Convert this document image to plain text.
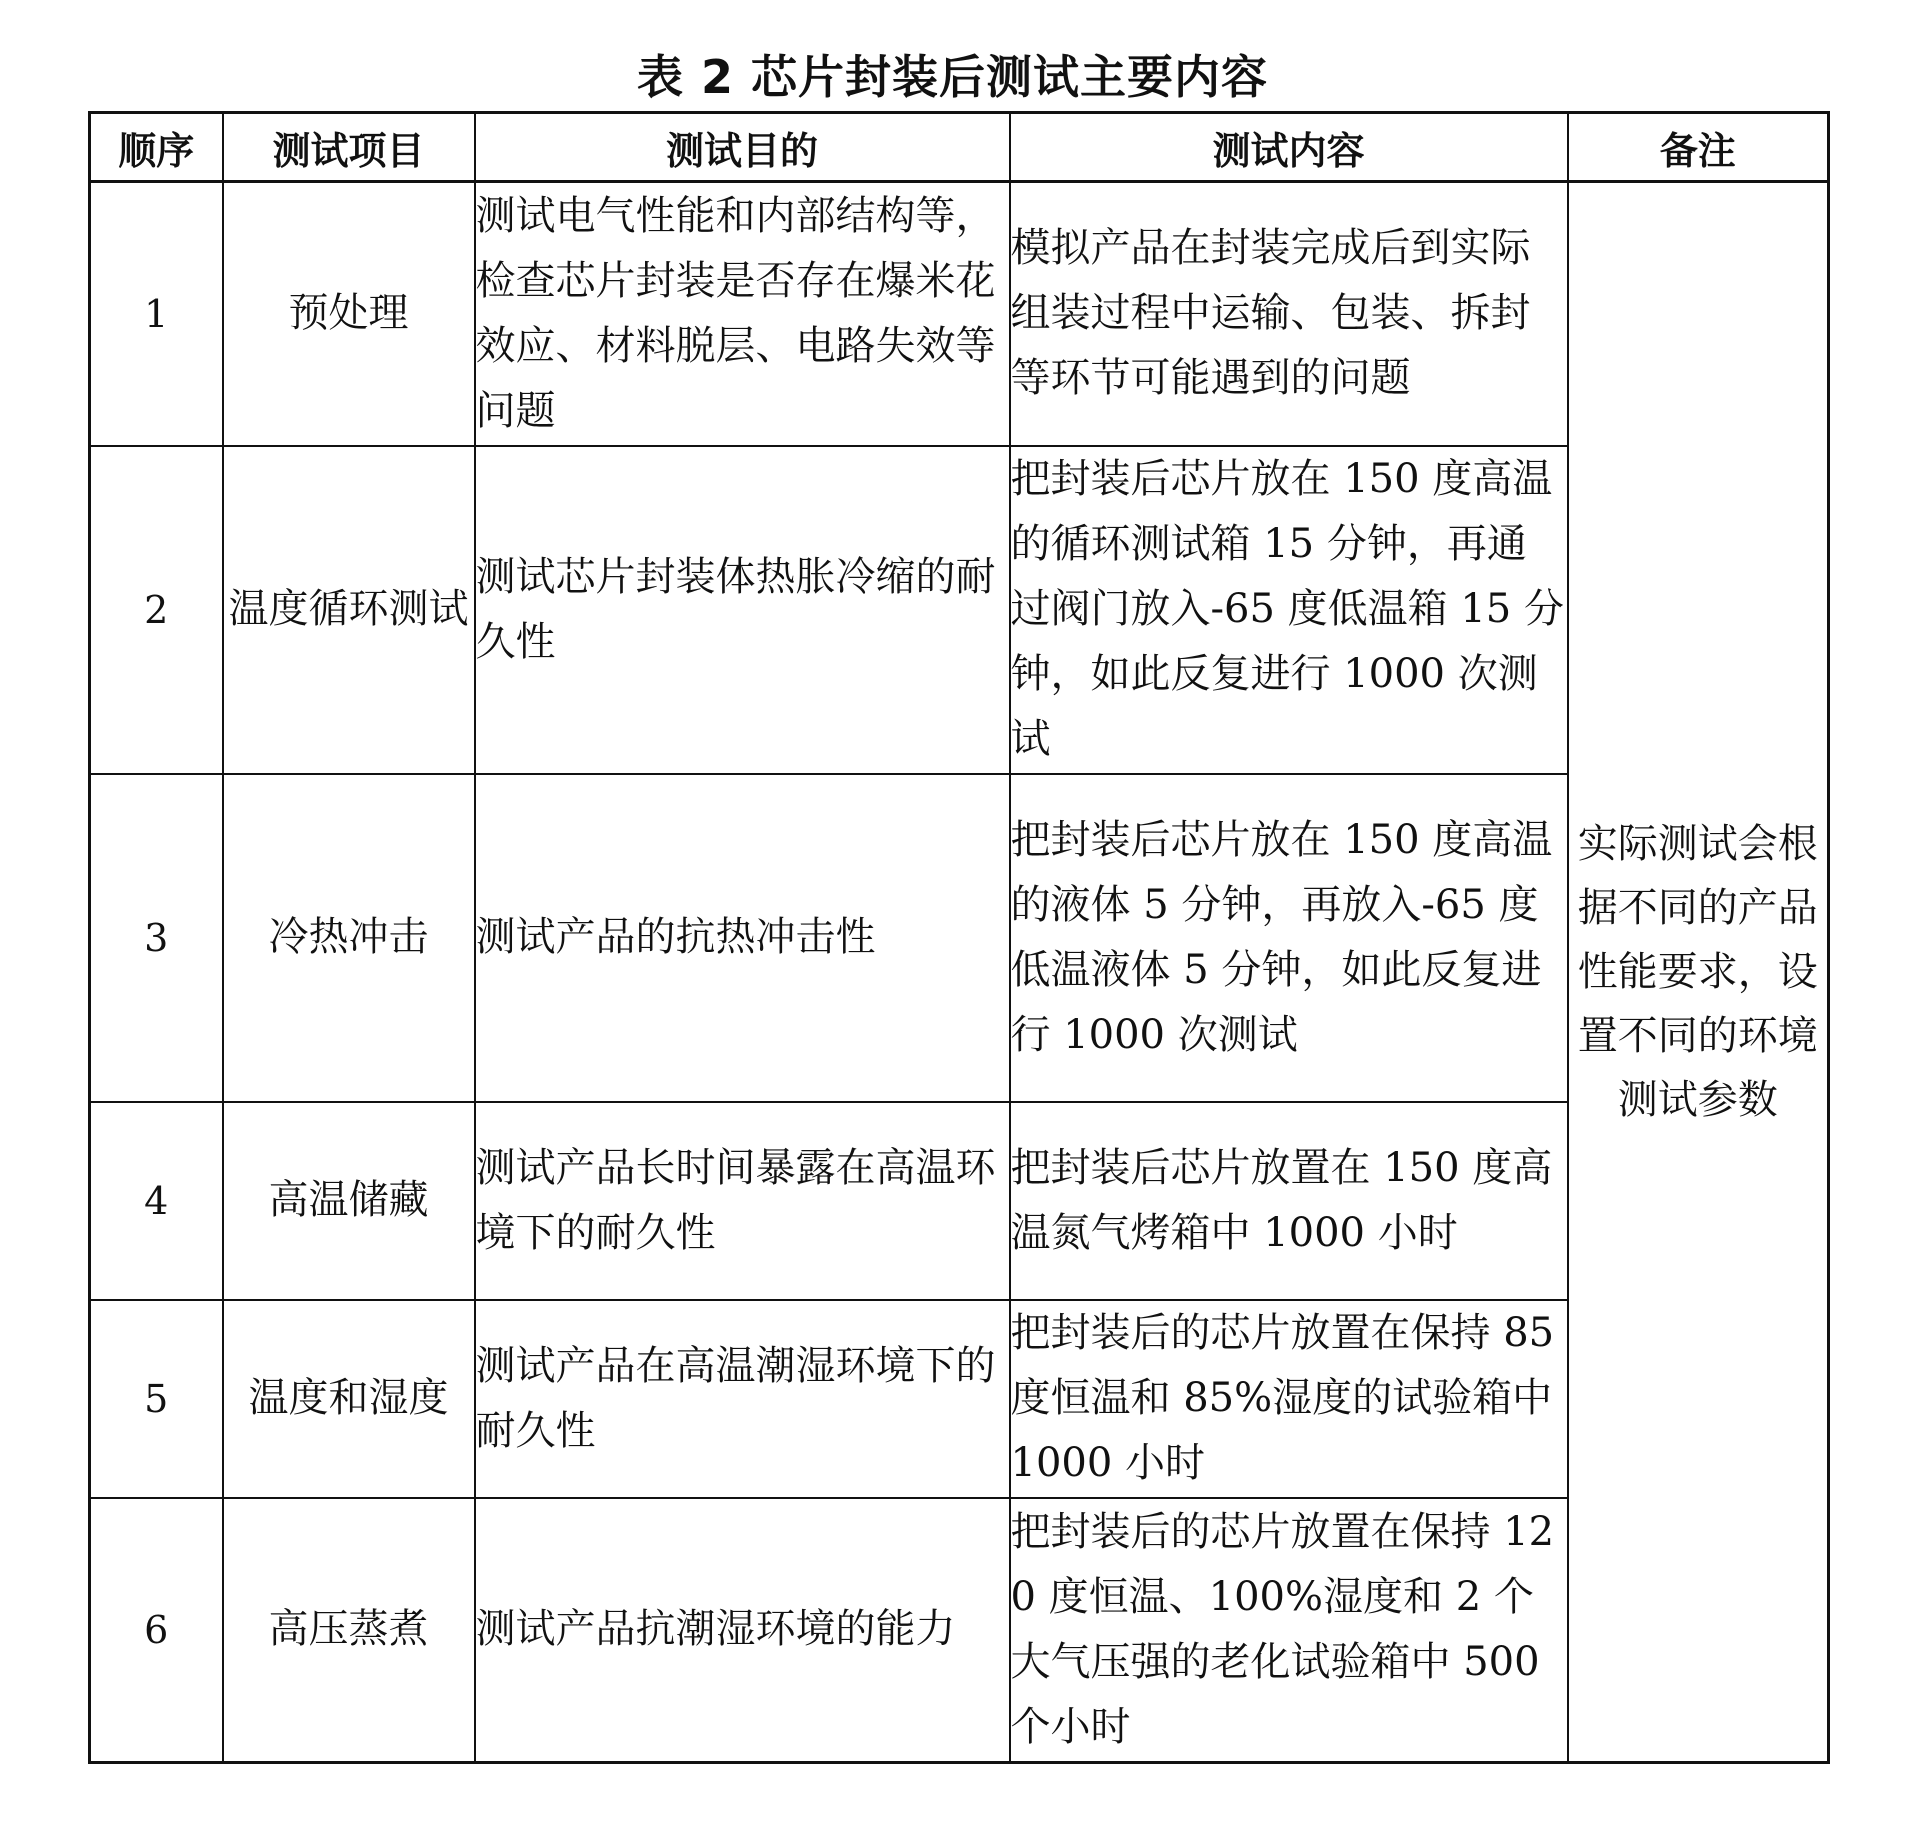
表 2 芯片封装后测试主要内容
顺序	测试项目	测试目的	测试内容	备注
1	预处理	测试电气性能和内部结构等，检查芯片封装是否存在爆米花效应、材料脱层、电路失效等问题	模拟产品在封装完成后到实际组装过程中运输、包装、拆封等环节可能遇到的问题	实际测试会根据不同的产品性能要求，设置不同的环境测试参数
2	温度循环测试	测试芯片封装体热胀冷缩的耐久性	把封装后芯片放在 150 度高温的循环测试箱 15 分钟，再通过阀门放入-65 度低温箱 15 分钟，如此反复进行 1000 次测试	
3	冷热冲击	测试产品的抗热冲击性	把封装后芯片放在 150 度高温的液体 5 分钟，再放入-65 度低温液体 5 分钟，如此反复进行 1000 次测试	
4	高温储藏	测试产品长时间暴露在高温环境下的耐久性	把封装后芯片放置在 150 度高温氮气烤箱中 1000 小时	
5	温度和湿度	测试产品在高温潮湿环境下的耐久性	把封装后的芯片放置在保持 85 度恒温和 85%湿度的试验箱中 1000 小时	
6	高压蒸煮	测试产品抗潮湿环境的能力	把封装后的芯片放置在保持 120 度恒温、100%湿度和 2 个大气压强的老化试验箱中 500 个小时	
